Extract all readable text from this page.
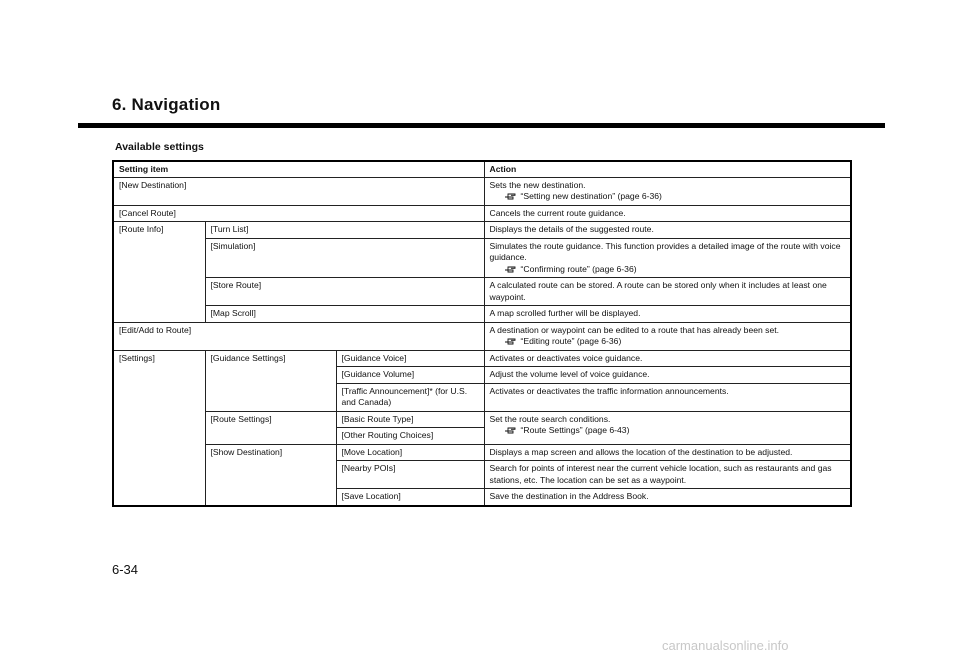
6. Navigation
Available settings
Setting item			Action
[New Destination]			Sets the new destination.
“Setting new destination” (page 6-36)

[Cancel Route]			Cancels the current route guidance.
[Route Info]	[Turn List]		Displays the details of the suggested route.
	[Simulation]		Simulates the route guidance. This function provides a detailed image of the route with voice guidance.
“Confirming route” (page 6-36)

	[Store Route]		A calculated route can be stored. A route can be stored only when it includes at least one waypoint.
	[Map Scroll]		A map scrolled further will be displayed.
[Edit/Add to Route]			A destination or waypoint can be edited to a route that has already been set.
“Editing route” (page 6-36)

[Settings]	[Guidance Settings]	[Guidance Voice]	Activates or deactivates voice guidance.
		[Guidance Volume]	Adjust the volume level of voice guidance.
		[Traffic Announcement]* (for U.S. and Canada)	Activates or deactivates the traffic information announcements.
	[Route Settings]	[Basic Route Type]	Set the route search conditions.
“Route Settings” (page 6-43)

		[Other Routing Choices]	
	[Show Destination]	[Move Location]	Displays a map screen and allows the location of the destination to be adjusted.
		[Nearby POIs]	Search for points of interest near the current vehicle location, such as restaurants and gas stations, etc. The location can be set as a waypoint.
		[Save Location]	Save the destination in the Address Book.
6-34
carmanualsonline.info
